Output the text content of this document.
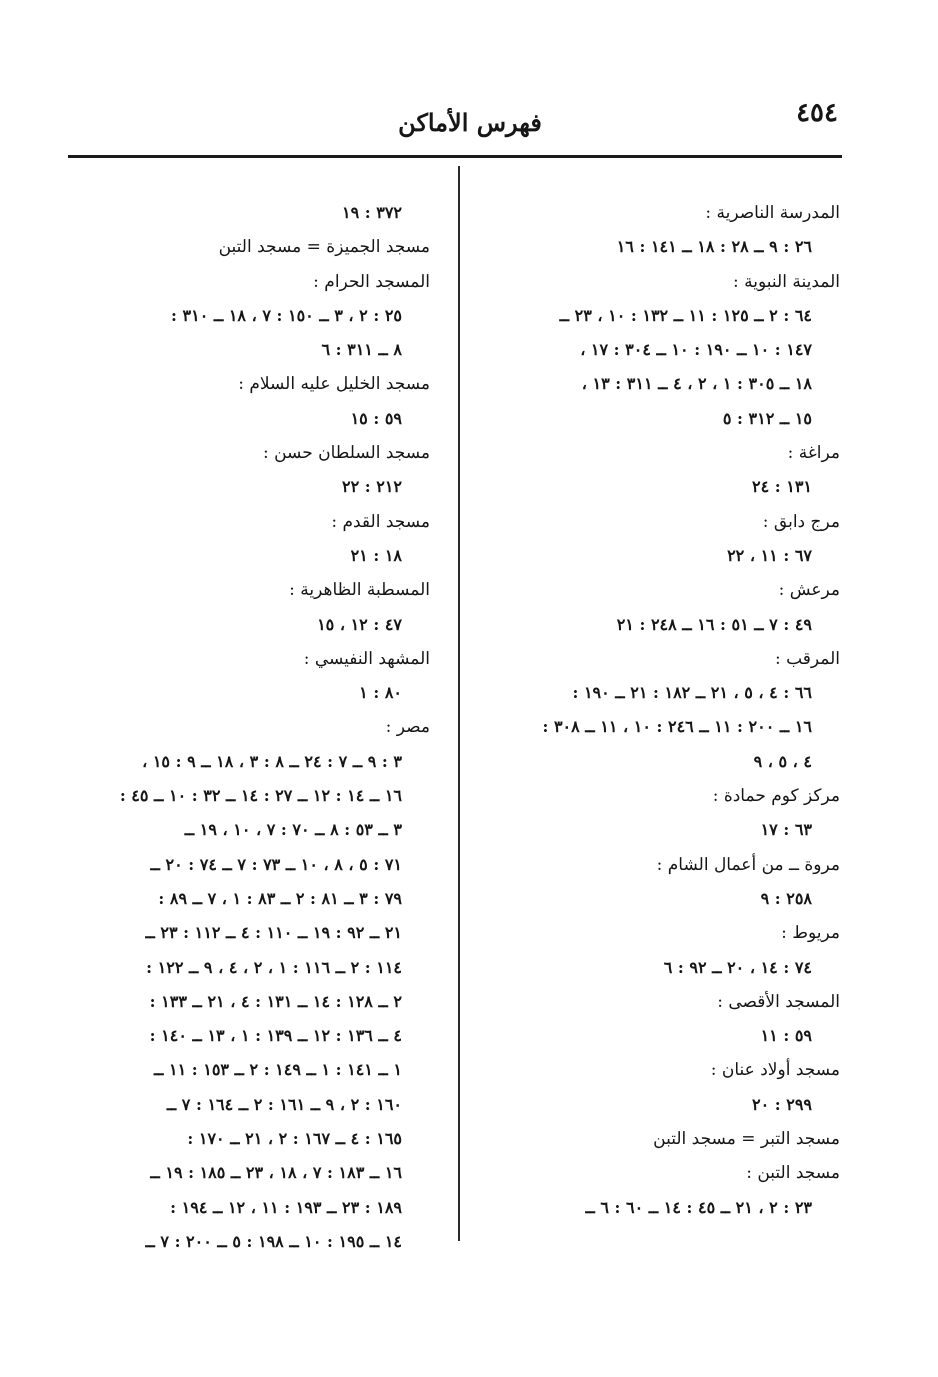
٤٥٤
فهرس الأماكن
المدرسة الناصرية :
٢٦ : ٩ ــ ٢٨ : ١٨ ــ ١٤١ : ١٦
المدينة النبوية :
٦٤ : ٢ ــ ١٢٥ : ١١ ــ ١٣٢ : ١٠ ، ٢٣ ــ
١٤٧ : ١٠ ــ ١٩٠ : ١٠ ــ ٣٠٤ : ١٧ ،
١٨ ــ ٣٠٥ : ١ ، ٢ ، ٤ ــ ٣١١ : ١٣ ،
١٥ ــ ٣١٢ : ٥
مراغة :
١٣١ : ٢٤
مرج دابق :
٦٧ : ١١ ، ٢٢
مرعش :
٤٩ : ٧ ــ ٥١ : ١٦ ــ ٢٤٨ : ٢١
المرقب :
٦٦ : ٤ ، ٥ ، ٢١ ــ ١٨٢ : ٢١ ــ ١٩٠ :
١٦ ــ ٢٠٠ : ١١ ــ ٢٤٦ : ١٠ ، ١١ ــ ٣٠٨ :
٤ ، ٥ ، ٩
مركز كوم حمادة :
٦٣ : ١٧
مروة ــ من أعمال الشام :
٢٥٨ : ٩
مريوط :
٧٤ : ١٤ ، ٢٠ ــ ٩٢ : ٦
المسجد الأقصى :
٥٩ : ١١
مسجد أولاد عنان :
٢٩٩ : ٢٠
مسجد التبر = مسجد التبن
مسجد التبن :
٢٣ : ٢ ، ٢١ ــ ٤٥ : ١٤ ــ ٦٠ : ٦ ــ
٣٧٢ : ١٩
مسجد الجميزة = مسجد التبن
المسجد الحرام :
٢٥ : ٢ ، ٣ ــ ١٥٠ : ٧ ، ١٨ ــ ٣١٠ :
٨ ــ ٣١١ : ٦
مسجد الخليل عليه السلام :
٥٩ : ١٥
مسجد السلطان حسن :
٢١٢ : ٢٢
مسجد القدم :
١٨ : ٢١
المسطبة الظاهرية :
٤٧ : ١٢ ، ١٥
المشهد النفيسي :
٨٠ : ١
مصر :
٣ : ٩ ــ ٧ : ٢٤ ــ ٨ : ٣ ، ١٨ ــ ٩ : ١٥ ،
١٦ ــ ١٤ : ١٢ ــ ٢٧ : ١٤ ــ ٣٢ : ١٠ ــ ٤٥ :
٣ ــ ٥٣ : ٨ ــ ٧٠ : ٧ ، ١٠ ، ١٩ ــ
٧١ : ٥ ، ٨ ، ١٠ ــ ٧٣ : ٧ ــ ٧٤ : ٢٠ ــ
٧٩ : ٣ ــ ٨١ : ٢ ــ ٨٣ : ١ ، ٧ ــ ٨٩ :
٢١ ــ ٩٢ : ١٩ ــ ١١٠ : ٤ ــ ١١٢ : ٢٣ ــ
١١٤ : ٢ ــ ١١٦ : ١ ، ٢ ، ٤ ، ٩ ــ ١٢٢ :
٢ ــ ١٢٨ : ١٤ ــ ١٣١ : ٤ ، ٢١ ــ ١٣٣ :
٤ ــ ١٣٦ : ١٢ ــ ١٣٩ : ١ ، ١٣ ــ ١٤٠ :
١ ــ ١٤١ : ١ ــ ١٤٩ : ٢ ــ ١٥٣ : ١١ ــ
١٦٠ : ٢ ، ٩ ــ ١٦١ : ٢ ــ ١٦٤ : ٧ ــ
١٦٥ : ٤ ــ ١٦٧ : ٢ ، ٢١ ــ ١٧٠ :
١٦ ــ ١٨٣ : ٧ ، ١٨ ، ٢٣ ــ ١٨٥ : ١٩ ــ
١٨٩ : ٢٣ ــ ١٩٣ : ١١ ، ١٢ ــ ١٩٤ :
١٤ ــ ١٩٥ : ١٠ ــ ١٩٨ : ٥ ــ ٢٠٠ : ٧ ــ
